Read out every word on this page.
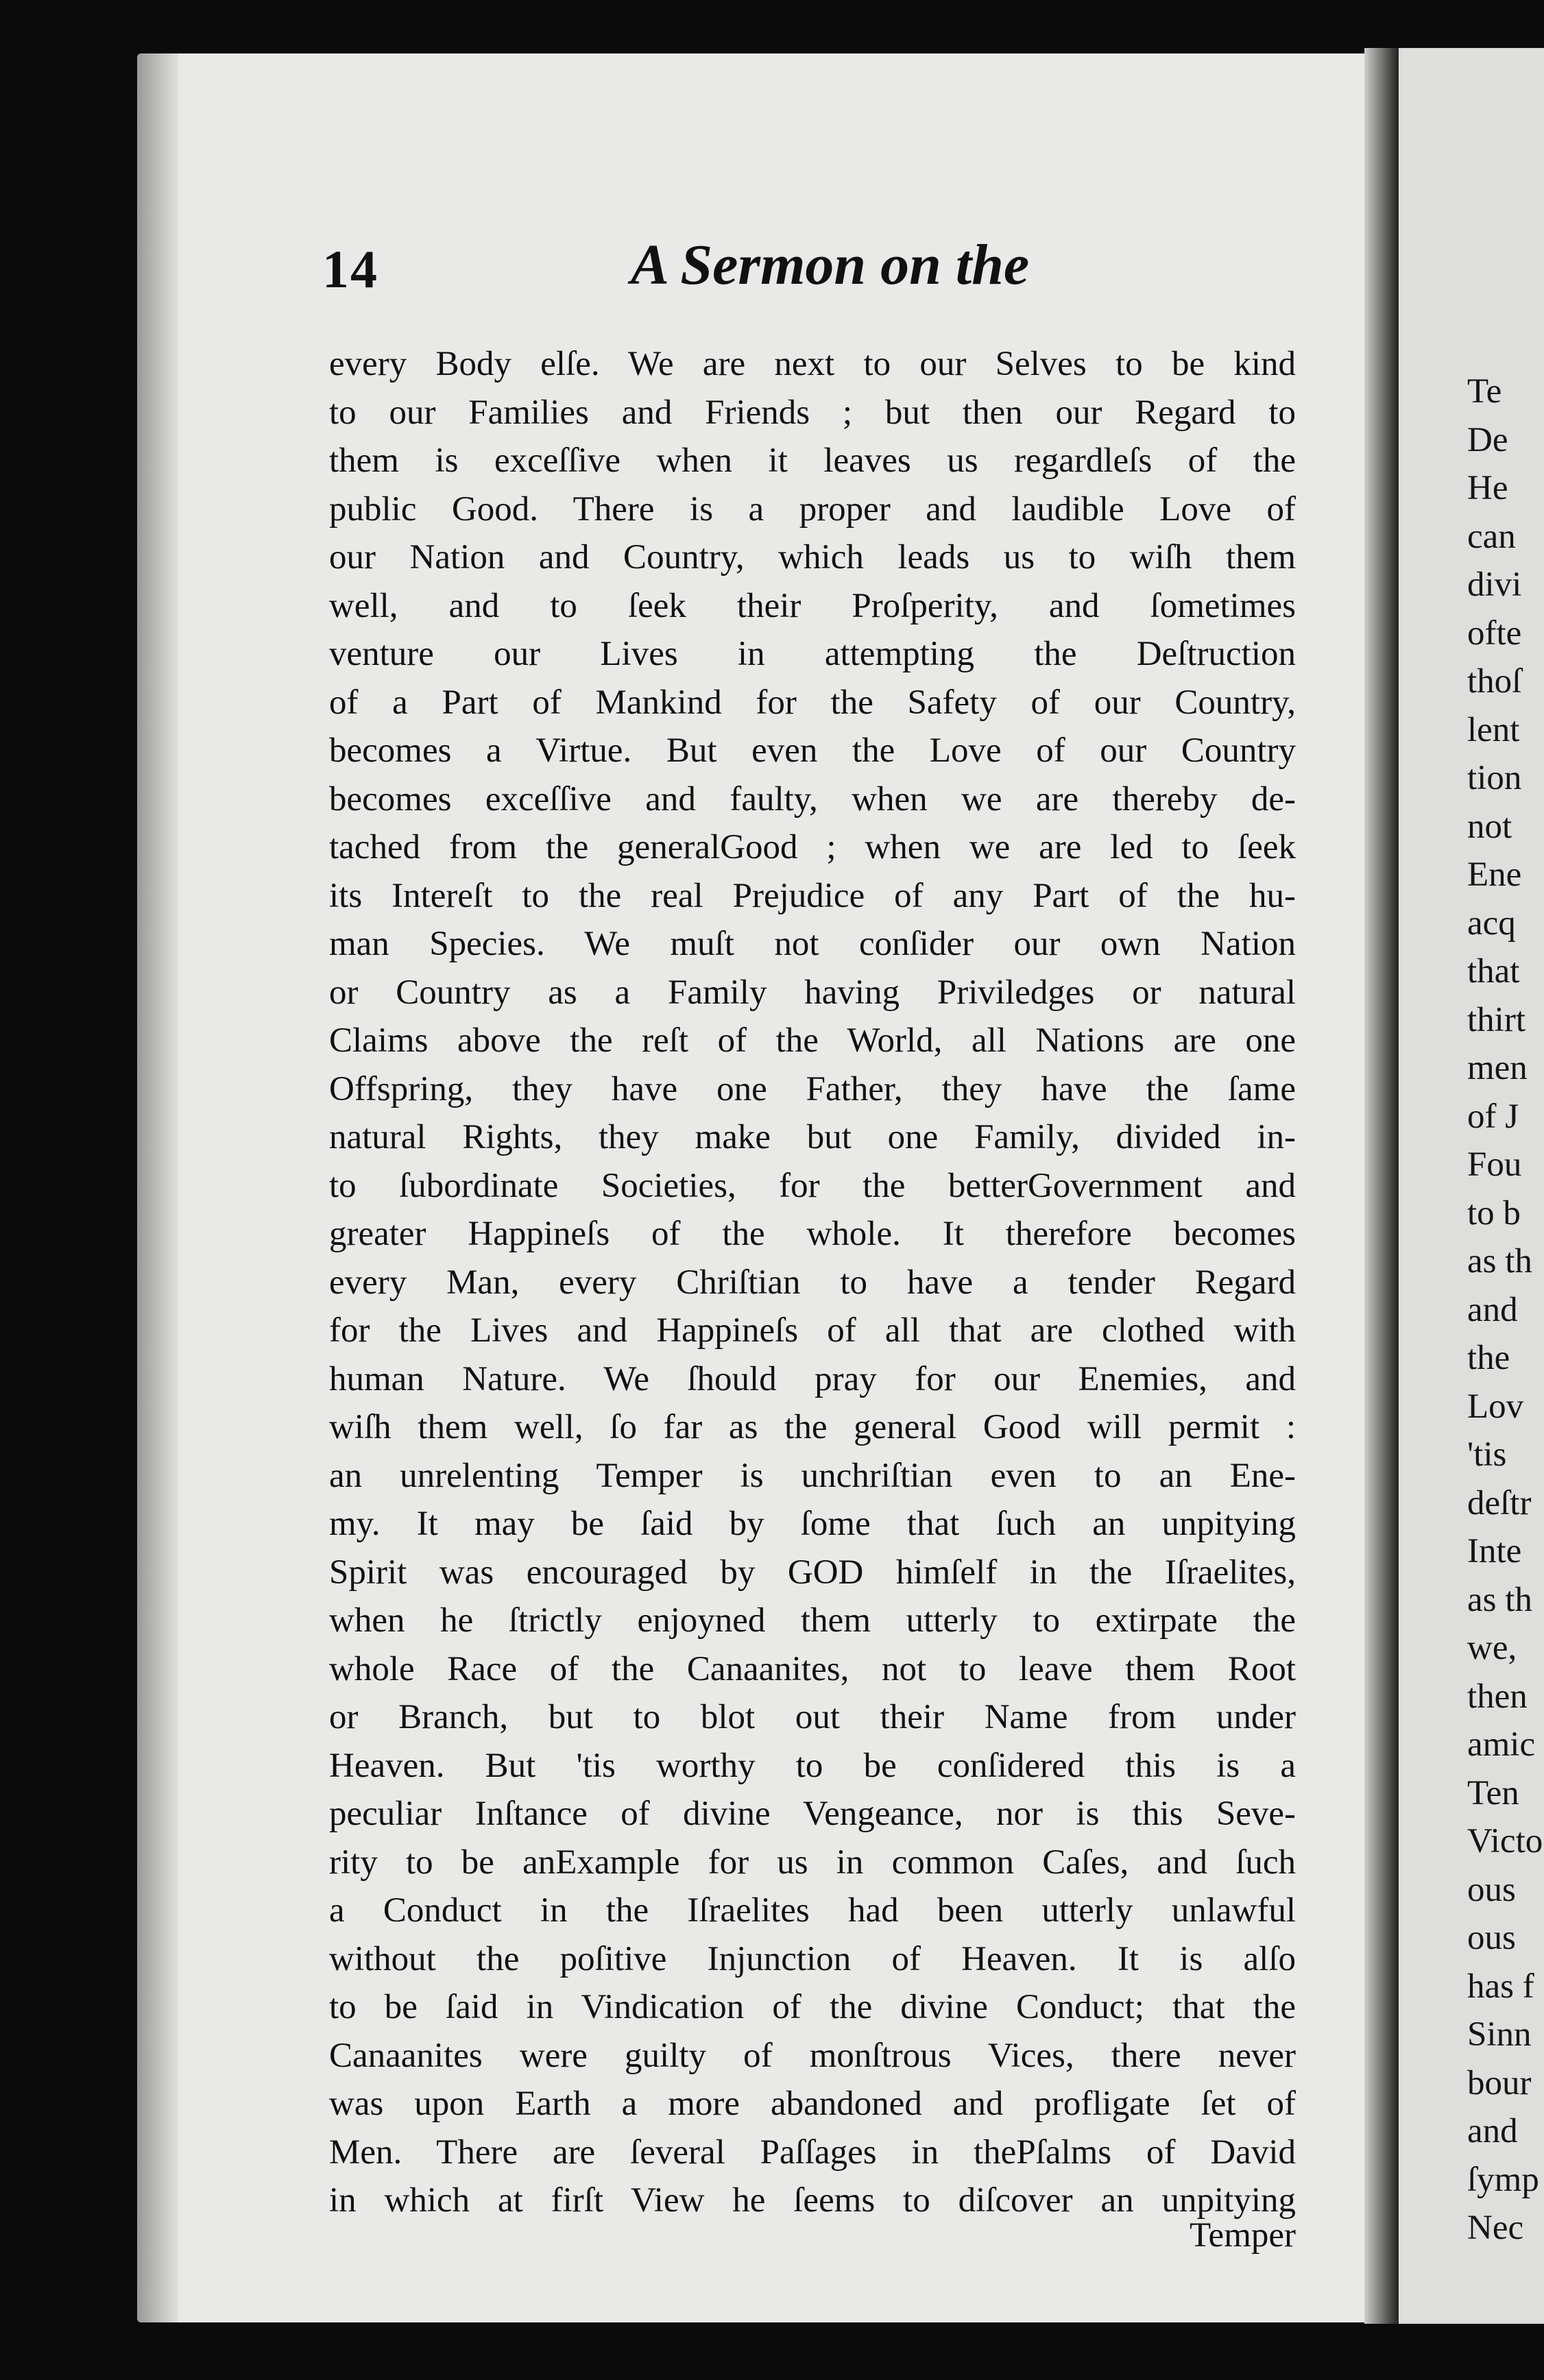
14	A Sermon on the
every Body elſe. We are next to our Selves to be kind
to our Families and Friends ; but then our Regard to
them is exceſſive when it leaves us regardleſs of the
public Good. There is a proper and laudible Love of
our Nation and Country, which leads us to wiſh them
well, and to ſeek their Proſperity, and ſometimes
venture our Lives in attempting the Deſtruction
of a Part of Mankind for the Safety of our Country,
becomes a Virtue. But even the Love of our Country
becomes exceſſive and faulty, when we are thereby de-
tached from the generalGood ; when we are led to ſeek
its Intereſt to the real Prejudice of any Part of the hu-
man Species. We muſt not conſider our own Nation
or Country as a Family having Priviledges or natural
Claims above the reſt of the World, all Nations are one
Offspring, they have one Father, they have the ſame
natural Rights, they make but one Family, divided in-
to ſubordinate Societies, for the betterGovernment and
greater Happineſs of the whole. It therefore becomes
every Man, every Chriſtian to have a tender Regard
for the Lives and Happineſs of all that are clothed with
human Nature. We ſhould pray for our Enemies, and
wiſh them well, ſo far as the general Good will permit :
an unrelenting Temper is unchriſtian even to an Ene-
my. It may be ſaid by ſome that ſuch an unpitying
Spirit was encouraged by GOD himſelf in the Iſraelites,
when he ſtrictly enjoyned them utterly to extirpate the
whole Race of the Canaanites, not to leave them Root
or Branch, but to blot out their Name from under
Heaven. But 'tis worthy to be conſidered this is a
peculiar Inſtance of divine Vengeance, nor is this Seve-
rity to be anExample for us in common Caſes, and ſuch
a Conduct in the Iſraelites had been utterly unlawful
without the poſitive Injunction of Heaven. It is alſo
to be ſaid in Vindication of the divine Conduct; that the
Canaanites were guilty of monſtrous Vices, there never
was upon Earth a more abandoned and profligate ſet of
Men. There are ſeveral Paſſages in thePſalms of David
in which at firſt View he ſeems to diſcover an unpitying
Temper
Te
De
He
can
divi
ofte
thoſ
lent
tion
not
Ene
acq
that
thirt
men
of J
Fou
to b
as th
and
the
Lov
'tis
deſtr
Inte
as th
we,
then
amic
Ten
Victo
ous
ous
has f
Sinn
bour
and
ſymp
Nec
